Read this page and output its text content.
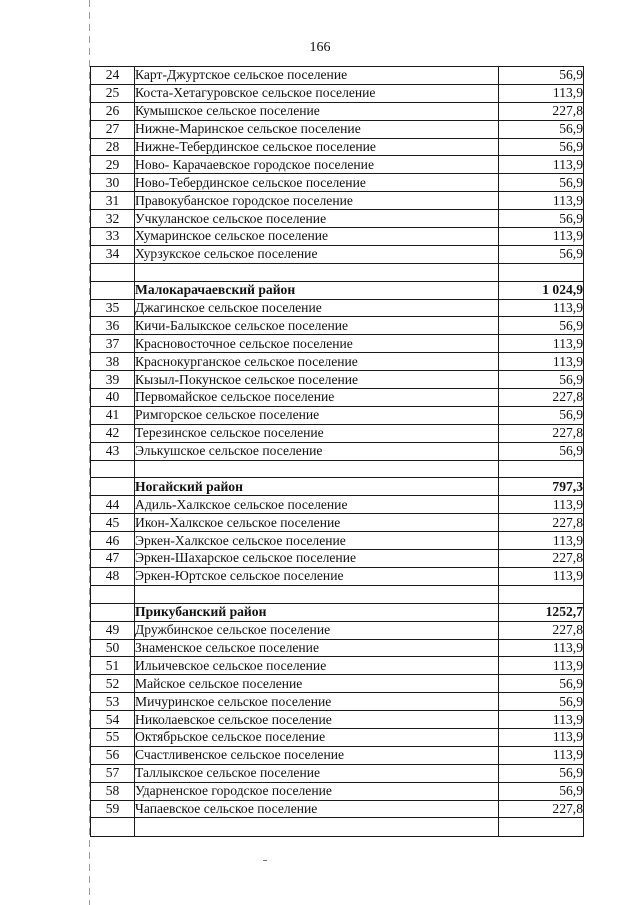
166
24	Карт-Джуртское сельское поселение	56,9
25	Коста-Хетагуровское сельское поселение	113,9
26	Кумышское сельское поселение	227,8
27	Нижне-Маринское сельское поселение	56,9
28	Нижне-Тебердинское сельское поселение	56,9
29	Ново- Карачаевское городское поселение	113,9
30	Ново-Тебердинское сельское поселение	56,9
31	Правокубанское городское поселение	113,9
32	Учкуланское сельское поселение	56,9
33	Хумаринское сельское поселение	113,9
34	Хурзукское сельское поселение	56,9

	Малокарачаевский район	1 024,9
35	Джагинское сельское поселение	113,9
36	Кичи-Балыкское сельское поселение	56,9
37	Красновосточное сельское поселение	113,9
38	Краснокурганское сельское поселение	113,9
39	Кызыл-Покунское сельское поселение	56,9
40	Первомайское сельское поселение	227,8
41	Римгорское сельское поселение	56,9
42	Терезинское сельское поселение	227,8
43	Элькушское сельское поселение	56,9

	Ногайский район	797,3
44	Адиль-Халкское сельское поселение	113,9
45	Икон-Халкское сельское поселение	227,8
46	Эркен-Халкское сельское поселение	113,9
47	Эркен-Шахарское сельское поселение	227,8
48	Эркен-Юртское сельское поселение	113,9

	Прикубанский район	1252,7
49	Дружбинское сельское поселение	227,8
50	Знаменское сельское поселение	113,9
51	Ильичевское сельское поселение	113,9
52	Майское сельское поселение	56,9
53	Мичуринское сельское поселение	56,9
54	Николаевское сельское поселение	113,9
55	Октябрьское сельское поселение	113,9
56	Счастливенское сельское поселение	113,9
57	Таллыкское сельское поселение	56,9
58	Ударненское городское поселение	56,9
59	Чапаевское сельское поселение	227,8
